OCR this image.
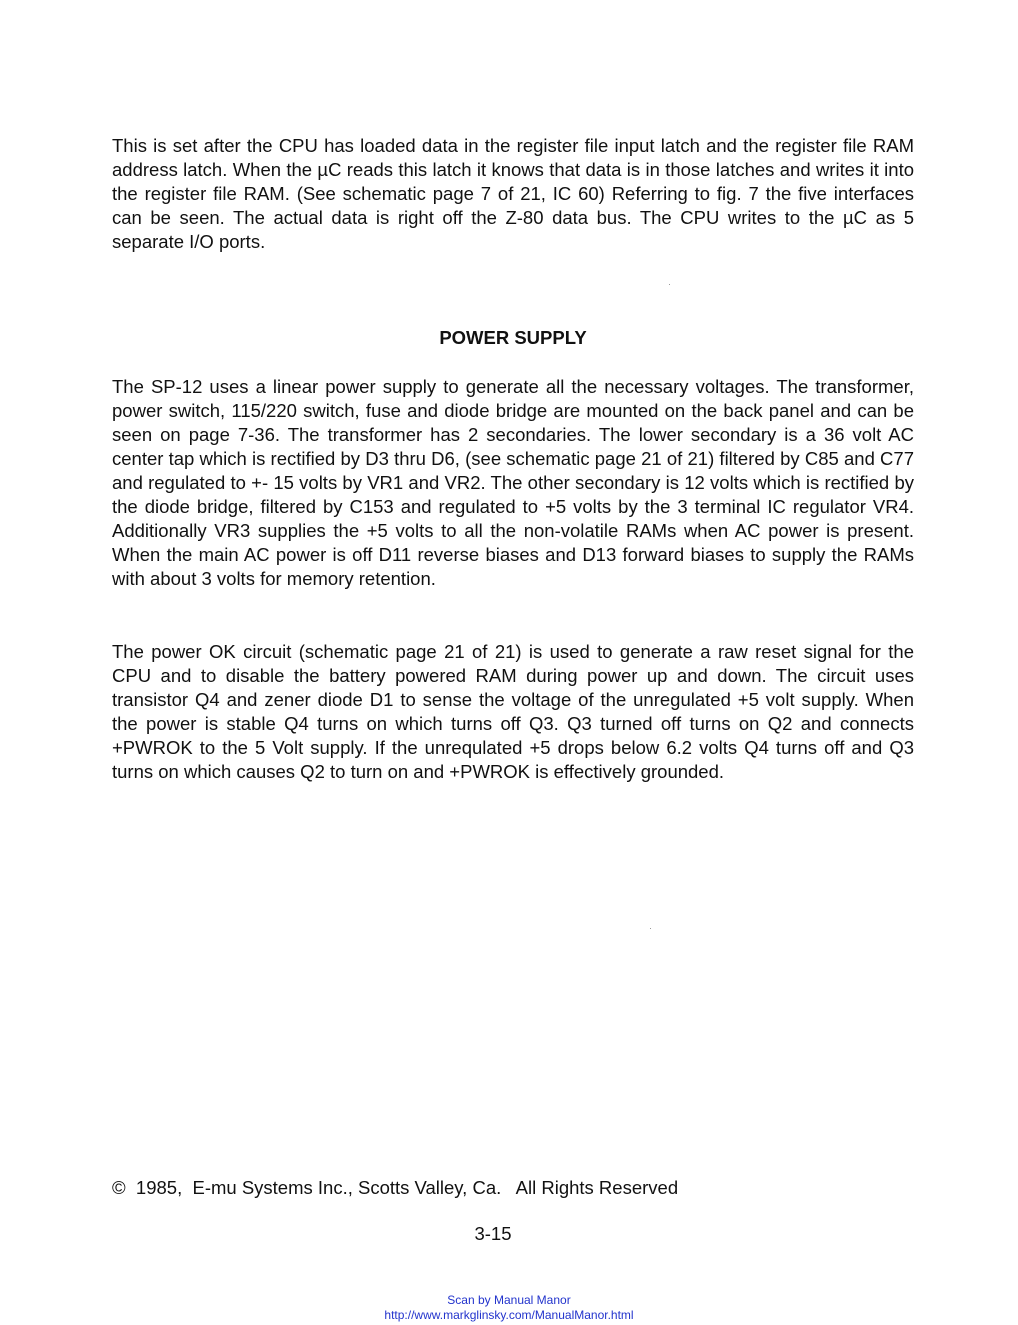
This is set after the CPU has loaded data in the register file input latch and the register file RAM address latch. When the µC reads this latch it knows that data is in those latches and writes it into the register file RAM. (See schematic page 7 of 21, IC 60) Referring to fig. 7 the five interfaces can be seen. The actual data is right off the Z-80 data bus. The CPU writes to the µC as 5 separate I/O ports.

POWER SUPPLY

The SP-12 uses a linear power supply to generate all the necessary voltages. The transformer, power switch, 115/220 switch, fuse and diode bridge are mounted on the back panel and can be seen on page 7-36. The transformer has 2 secondaries. The lower secondary is a 36 volt AC center tap which is rectified by D3 thru D6, (see schematic page 21 of 21) filtered by C85 and C77 and regulated to +- 15 volts by VR1 and VR2. The other secondary is 12 volts which is rectified by the diode bridge, filtered by C153 and regulated to +5 volts by the 3 terminal IC regulator VR4. Additionally VR3 supplies the +5 volts to all the non-volatile RAMs when AC power is present. When the main AC power is off D11 reverse biases and D13 forward biases to supply the RAMs with about 3 volts for memory retention.

The power OK circuit (schematic page 21 of 21) is used to generate a raw reset signal for the CPU and to disable the battery powered RAM during power up and down. The circuit uses transistor Q4 and zener diode D1 to sense the voltage of the unregulated +5 volt supply. When the power is stable Q4 turns on which turns off Q3. Q3 turned off turns on Q2 and connects +PWROK to the 5 Volt supply. If the unrequlated +5 drops below 6.2 volts Q4 turns off and Q3 turns on which causes Q2 to turn on and +PWROK is effectively grounded.

©  1985,  E-mu Systems Inc., Scotts Valley, Ca.   All Rights Reserved
3-15
Scan by Manual Manor
http://www.markglinsky.com/ManualManor.html
